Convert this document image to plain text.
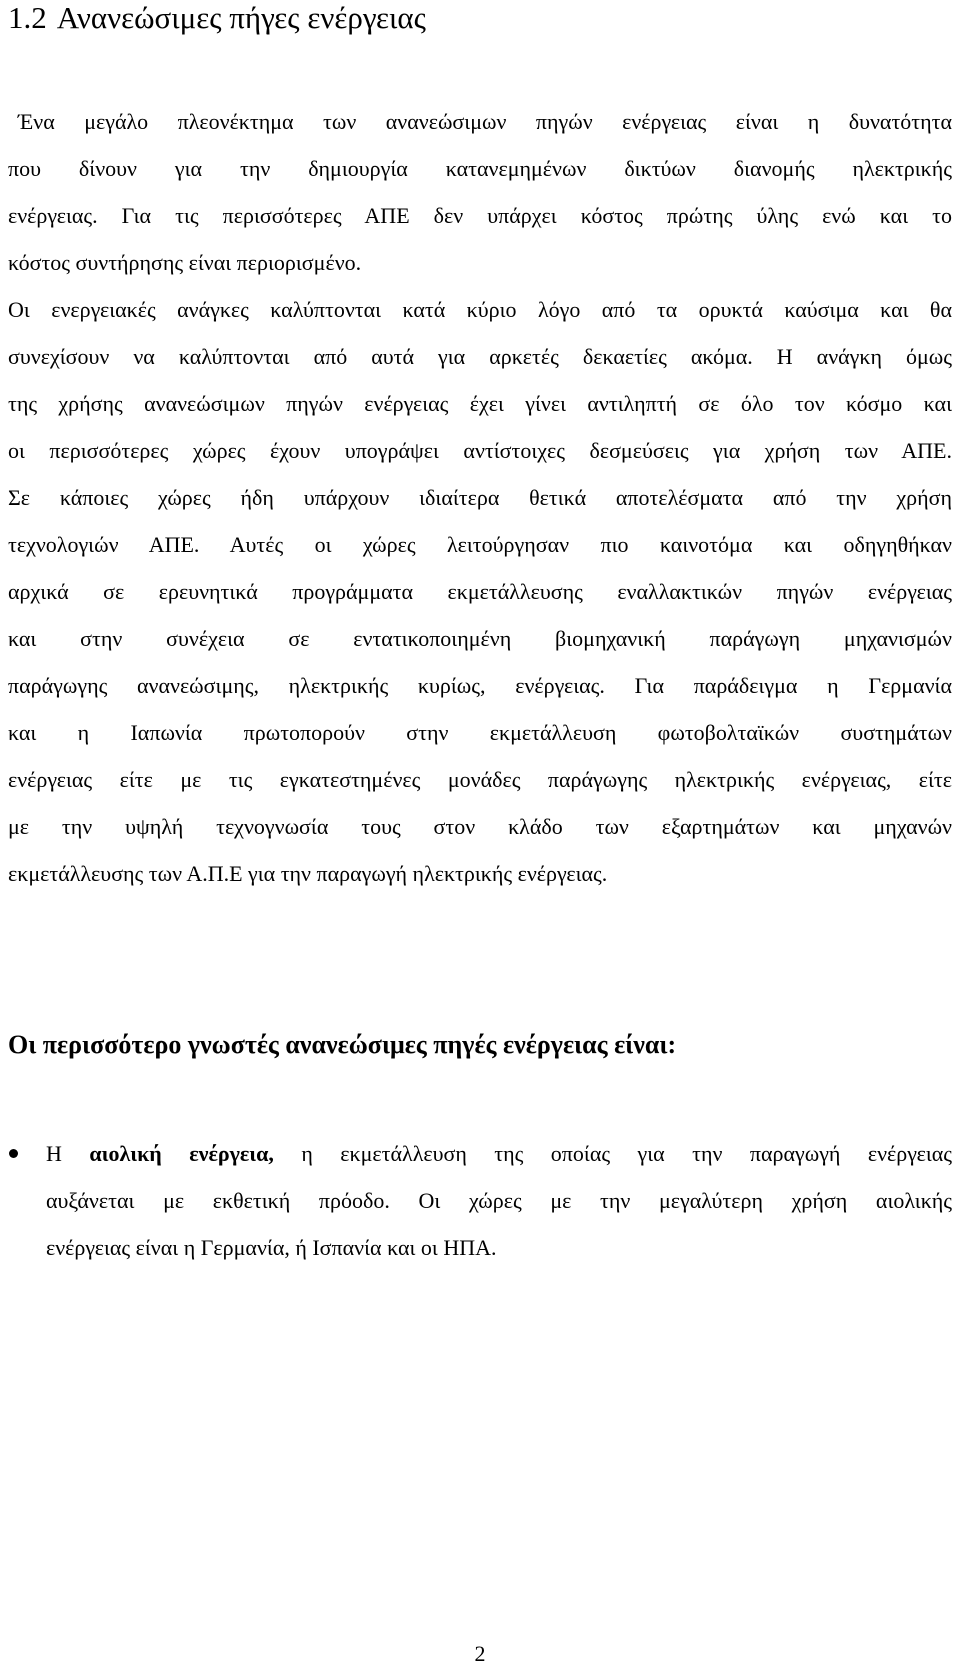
1.2 Ανανεώσιμες πήγες ενέργειας

Ένα μεγάλο πλεονέκτημα των ανανεώσιμων πηγών ενέργειας είναι η δυνατότητα
που δίνουν για την δημιουργία κατανεμημένων δικτύων διανομής ηλεκτρικής
ενέργειας. Για τις περισσότερες ΑΠΕ δεν υπάρχει κόστος πρώτης ύλης ενώ και το
κόστος συντήρησης είναι περιορισμένο.

Οι ενεργειακές ανάγκες καλύπτονται κατά κύριο λόγο από τα ορυκτά καύσιμα και θα
συνεχίσουν να καλύπτονται από αυτά για αρκετές δεκαετίες ακόμα. Η ανάγκη όμως
της χρήσης ανανεώσιμων πηγών ενέργειας έχει γίνει αντιληπτή σε όλο τον κόσμο και
οι περισσότερες χώρες έχουν υπογράψει αντίστοιχες δεσμεύσεις για χρήση των ΑΠΕ.
Σε κάποιες χώρες ήδη υπάρχουν ιδιαίτερα θετικά αποτελέσματα από την χρήση
τεχνολογιών ΑΠΕ. Αυτές οι χώρες λειτούργησαν πιο καινοτόμα και οδηγηθήκαν
αρχικά σε ερευνητικά προγράμματα εκμετάλλευσης εναλλακτικών πηγών ενέργειας
και στην συνέχεια σε εντατικοποιημένη βιομηχανική παράγωγη μηχανισμών
παράγωγης ανανεώσιμης, ηλεκτρικής κυρίως, ενέργειας. Για παράδειγμα η Γερμανία
και η Ιαπωνία πρωτοπορούν στην εκμετάλλευση φωτοβολταϊκών συστημάτων
ενέργειας είτε με τις εγκατεστημένες μονάδες παράγωγης ηλεκτρικής ενέργειας, είτε
με την υψηλή τεχνογνωσία τους στον κλάδο των εξαρτημάτων και μηχανών
εκμετάλλευσης των Α.Π.Ε για την παραγωγή ηλεκτρικής ενέργειας.

Οι περισσότερο γνωστές ανανεώσιμες πηγές ενέργειας είναι:
Η αιολική ενέργεια, η εκμετάλλευση της οποίας για την παραγωγή ενέργειας
αυξάνεται με εκθετική πρόοδο. Οι χώρες με την μεγαλύτερη χρήση αιολικής
ενέργειας είναι η Γερμανία, ή Ισπανία και οι ΗΠΑ.

2
